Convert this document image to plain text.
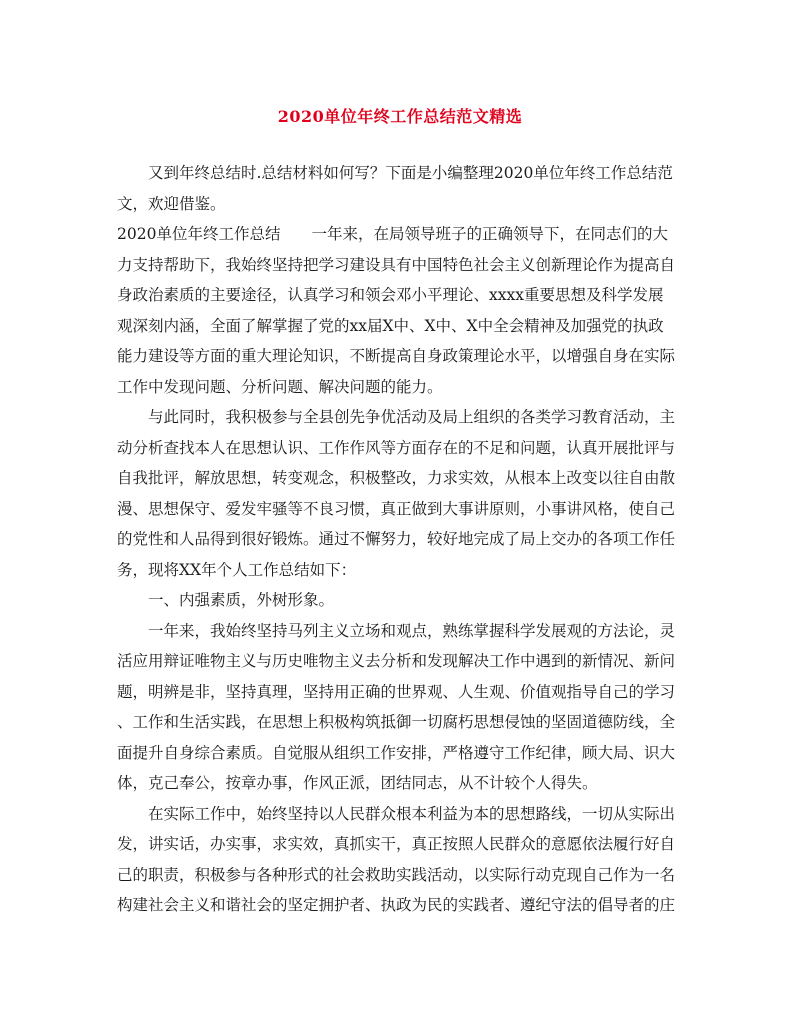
2020单位年终工作总结范文精选
又到年终总结时.总结材料如何写？下面是小编整理2020单位年终工作总结范
文，欢迎借鉴。
2020单位年终工作总结　　一年来，在局领导班子的正确领导下，在同志们的大
力支持帮助下，我始终坚持把学习建设具有中国特色社会主义创新理论作为提高自
身政治素质的主要途径，认真学习和领会邓小平理论、xxxx重要思想及科学发展
观深刻内涵，全面了解掌握了党的xx届X中、X中、X中全会精神及加强党的执政
能力建设等方面的重大理论知识，不断提高自身政策理论水平，以增强自身在实际
工作中发现问题、分析问题、解决问题的能力。
与此同时，我积极参与全县创先争优活动及局上组织的各类学习教育活动，主
动分析查找本人在思想认识、工作作风等方面存在的不足和问题，认真开展批评与
自我批评，解放思想，转变观念，积极整改，力求实效，从根本上改变以往自由散
漫、思想保守、爱发牢骚等不良习惯，真正做到大事讲原则，小事讲风格，使自己
的党性和人品得到很好锻炼。通过不懈努力，较好地完成了局上交办的各项工作任
务，现将XX年个人工作总结如下：
一、内强素质，外树形象。
一年来，我始终坚持马列主义立场和观点，熟练掌握科学发展观的方法论，灵
活应用辩证唯物主义与历史唯物主义去分析和发现解决工作中遇到的新情况、新问
题，明辨是非，坚持真理，坚持用正确的世界观、人生观、价值观指导自己的学习
、工作和生活实践，在思想上积极构筑抵御一切腐朽思想侵蚀的坚固道德防线，全
面提升自身综合素质。自觉服从组织工作安排，严格遵守工作纪律，顾大局、识大
体，克己奉公，按章办事，作风正派，团结同志，从不计较个人得失。
在实际工作中，始终坚持以人民群众根本利益为本的思想路线，一切从实际出
发，讲实话，办实事，求实效，真抓实干，真正按照人民群众的意愿依法履行好自
己的职责，积极参与各种形式的社会救助实践活动，以实际行动克现自己作为一名
构建社会主义和谐社会的坚定拥护者、执政为民的实践者、遵纪守法的倡导者的庄
